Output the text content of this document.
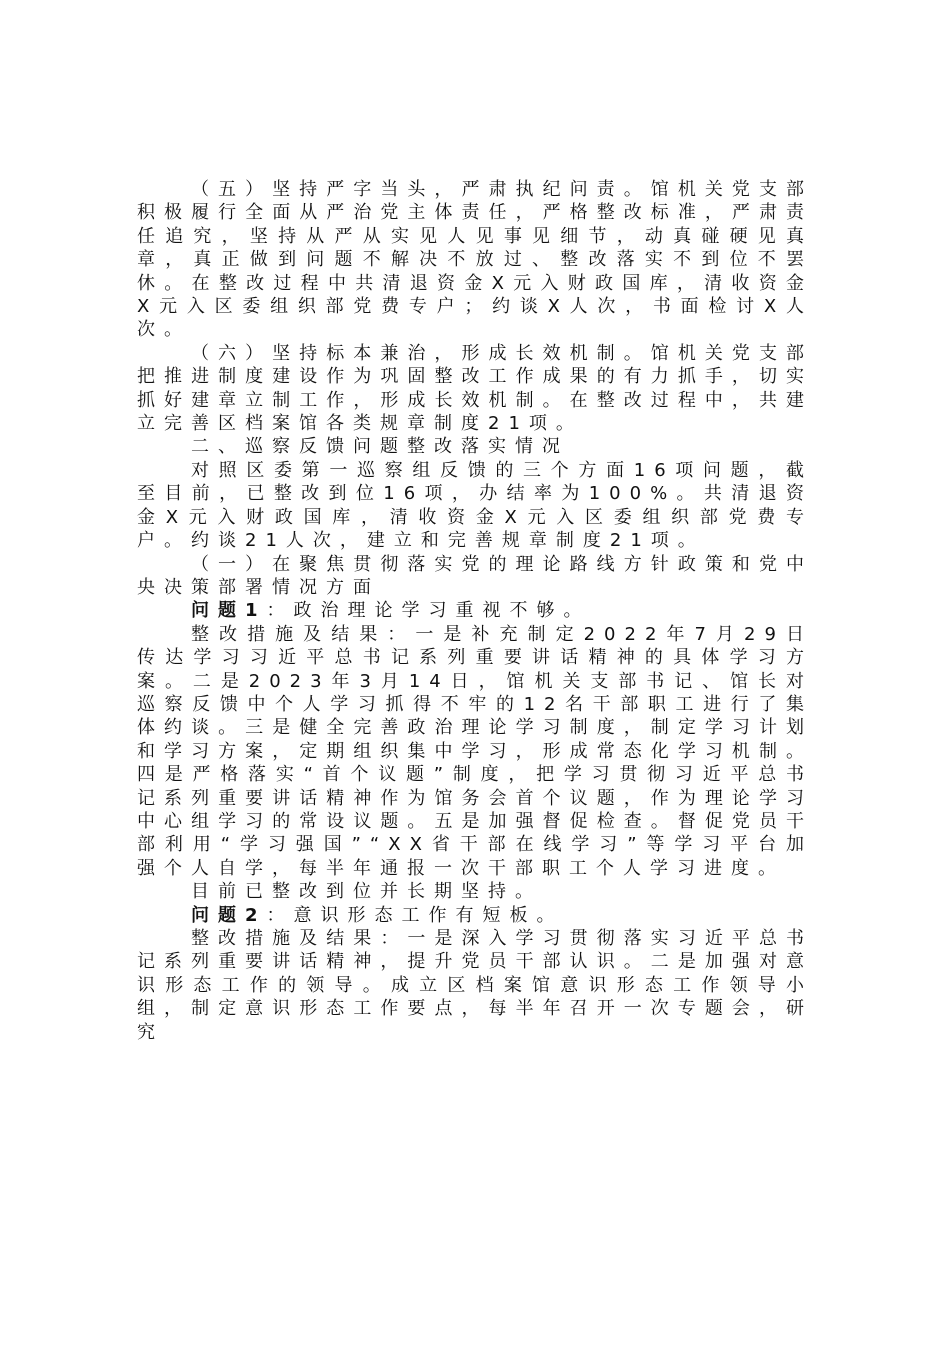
（五）坚持严字当头，严肃执纪问责。馆机关党支部积极履行全面从严治党主体责任，严格整改标准，严肃责任追究，坚持从严从实见人见事见细节，动真碰硬见真章，真正做到问题不解决不放过、整改落实不到位不罢休。在整改过程中共清退资金X元入财政国库，清收资金X元入区委组织部党费专户；约谈X人次，书面检讨X人次。

（六）坚持标本兼治，形成长效机制。馆机关党支部把推进制度建设作为巩固整改工作成果的有力抓手，切实抓好建章立制工作，形成长效机制。在整改过程中，共建立完善区档案馆各类规章制度21项。

二、巡察反馈问题整改落实情况

对照区委第一巡察组反馈的三个方面16项问题，截至目前，已整改到位16项，办结率为100%。共清退资金X元入财政国库，清收资金X元入区委组织部党费专户。约谈21人次，建立和完善规章制度21项。

（一）在聚焦贯彻落实党的理论路线方针政策和党中央决策部署情况方面

问题1：政治理论学习重视不够。

整改措施及结果：一是补充制定2022年7月29日传达学习习近平总书记系列重要讲话精神的具体学习方案。二是2023年3月14日，馆机关支部书记、馆长对巡察反馈中个人学习抓得不牢的12名干部职工进行了集体约谈。三是健全完善政治理论学习制度，制定学习计划和学习方案，定期组织集中学习，形成常态化学习机制。四是严格落实“首个议题”制度，把学习贯彻习近平总书记系列重要讲话精神作为馆务会首个议题，作为理论学习中心组学习的常设议题。五是加强督促检查。督促党员干部利用“学习强国”“XX省干部在线学习”等学习平台加强个人自学，每半年通报一次干部职工个人学习进度。

目前已整改到位并长期坚持。

问题2：意识形态工作有短板。

整改措施及结果：一是深入学习贯彻落实习近平总书记系列重要讲话精神，提升党员干部认识。二是加强对意识形态工作的领导。成立区档案馆意识形态工作领导小组，制定意识形态工作要点，每半年召开一次专题会，研究
